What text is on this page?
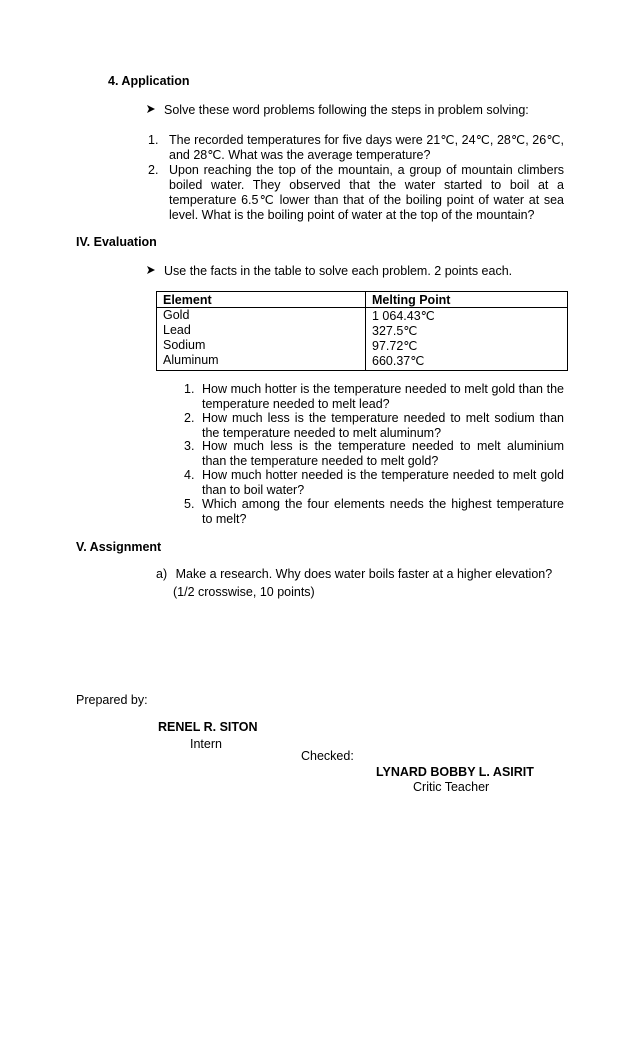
4. Application
Solve these word problems following the steps in problem solving:
1. The recorded temperatures for five days were 21℃, 24℃, 28℃, 26℃, and 28℃. What was the average temperature?
2. Upon reaching the top of the mountain, a group of mountain climbers boiled water. They observed that the water started to boil at a temperature 6.5℃ lower than that of the boiling point of water at sea level. What is the boiling point of water at the top of the mountain?
IV. Evaluation
Use the facts in the table to solve each problem. 2 points each.
Element	Melting Point
Gold	1 064.43℃
Lead	327.5℃
Sodium	97.72℃
Aluminum	660.37℃
1. How much hotter is the temperature needed to melt gold than the temperature needed to melt lead?
2. How much less is the temperature needed to melt sodium than the temperature needed to melt aluminum?
3. How much less is the temperature needed to melt aluminium than the temperature needed to melt gold?
4. How much hotter needed is the temperature needed to melt gold than to boil water?
5. Which among the four elements needs the highest temperature to melt?
V. Assignment
a) Make a research. Why does water boils faster at a higher elevation?
(1/2 crosswise, 10 points)
Prepared by:
RENEL R. SITON
Intern
Checked:
LYNARD BOBBY L. ASIRIT
Critic Teacher
